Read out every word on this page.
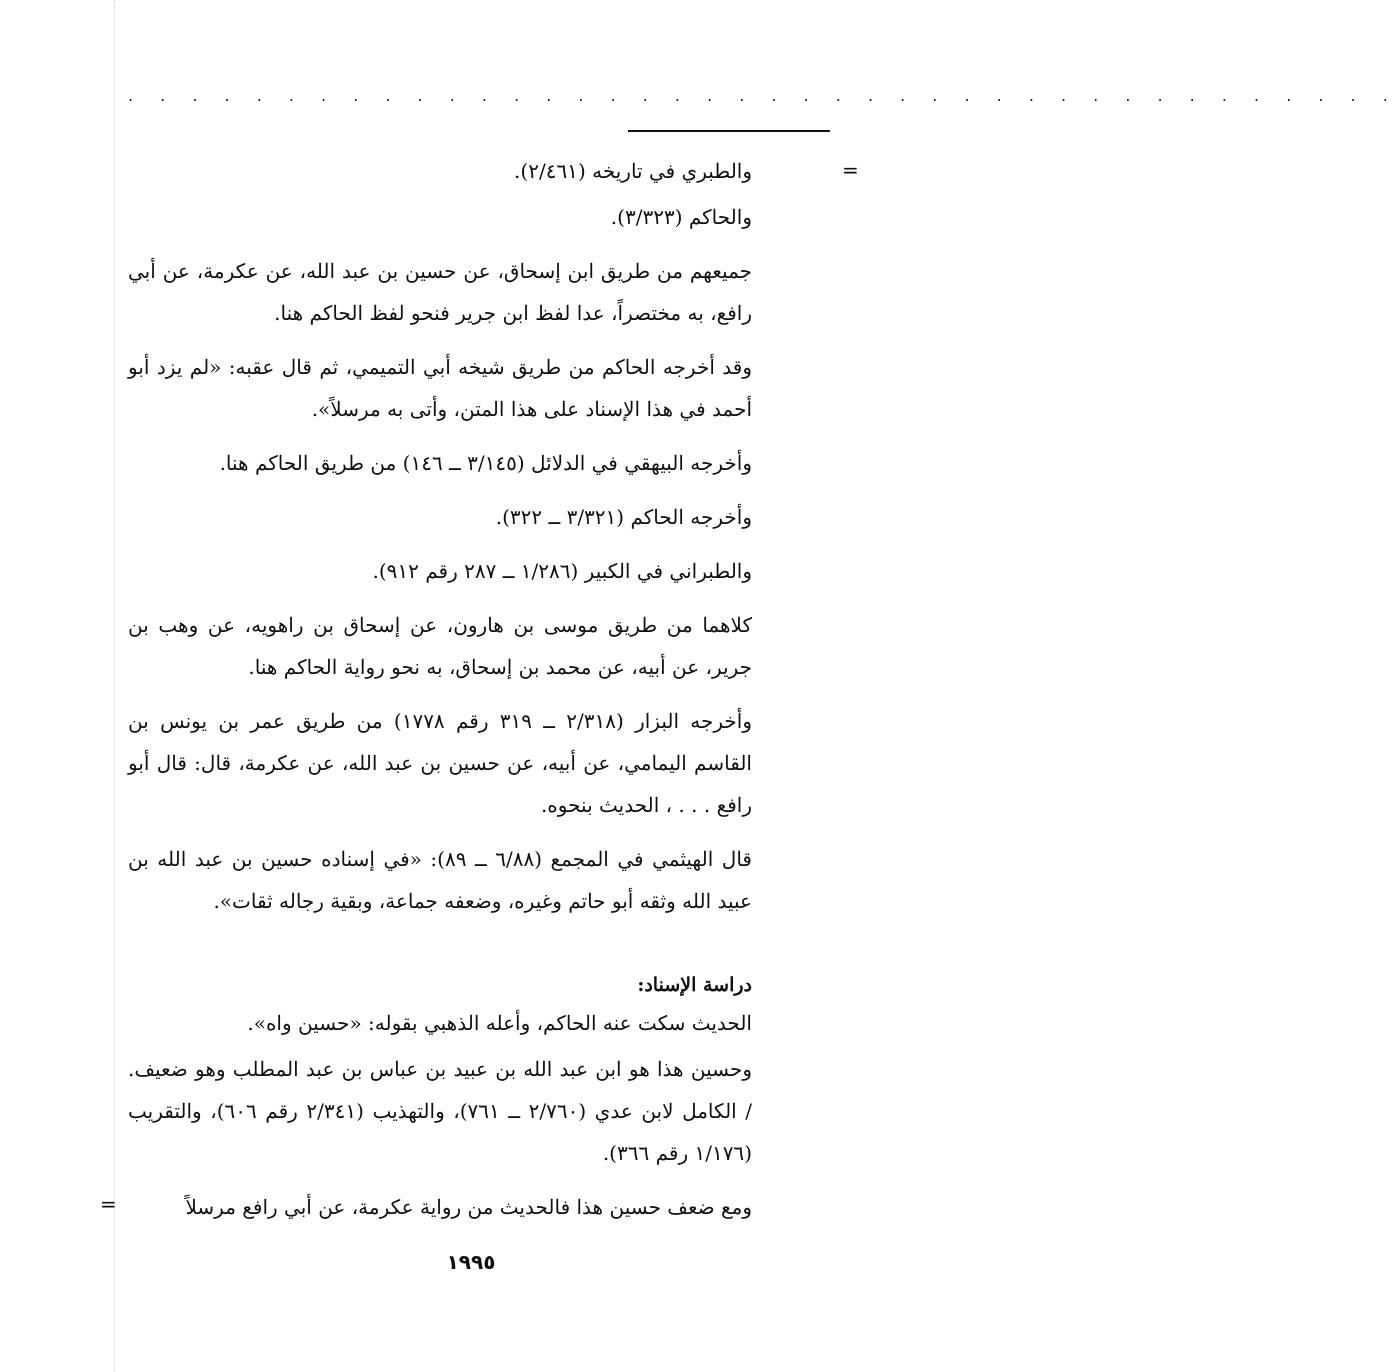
. . . . . . . . . . . . . . . . . . . . . . . . . . . . . . . . . . . . . . . .
=
=

والطبري في تاريخه (٢/٤٦١).

والحاكم (٣/٣٢٣).

جميعهم من طريق ابن إسحاق، عن حسين بن عبد الله، عن عكرمة، عن أبي رافع، به مختصراً، عدا لفظ ابن جرير فنحو لفظ الحاكم هنا.

وقد أخرجه الحاكم من طريق شيخه أبي التميمي، ثم قال عقبه: «لم يزد أبو أحمد في هذا الإسناد على هذا المتن، وأتى به مرسلاً».

وأخرجه البيهقي في الدلائل (٣/١٤٥ ــ ١٤٦) من طريق الحاكم هنا.

وأخرجه الحاكم (٣/٣٢١ ــ ٣٢٢).

والطبراني في الكبير (١/٢٨٦ ــ ٢٨٧ رقم ٩١٢).

كلاهما من طريق موسى بن هارون، عن إسحاق بن راهويه، عن وهب بن جرير، عن أبيه، عن محمد بن إسحاق، به نحو رواية الحاكم هنا.

وأخرجه البزار (٢/٣١٨ ــ ٣١٩ رقم ١٧٧٨) من طريق عمر بن يونس بن القاسم اليمامي، عن أبيه، عن حسين بن عبد الله، عن عكرمة، قال: قال أبو رافع . . . ، الحديث بنحوه.

قال الهيثمي في المجمع (٦/٨٨ ــ ٨٩): «في إسناده حسين بن عبد الله بن عبيد الله وثقه أبو حاتم وغيره، وضعفه جماعة، وبقية رجاله ثقات».

دراسة الإسناد:

الحديث سكت عنه الحاكم، وأعله الذهبي بقوله: «حسين واه».

وحسين هذا هو ابن عبد الله بن عبيد بن عباس بن عبد المطلب وهو ضعيف. / الكامل لابن عدي (٢/٧٦٠ ــ ٧٦١)، والتهذيب (٢/٣٤١ رقم ٦٠٦)، والتقريب (١/١٧٦ رقم ٣٦٦).

ومع ضعف حسين هذا فالحديث من رواية عكرمة، عن أبي رافع مرسلاً

١٩٩٥
